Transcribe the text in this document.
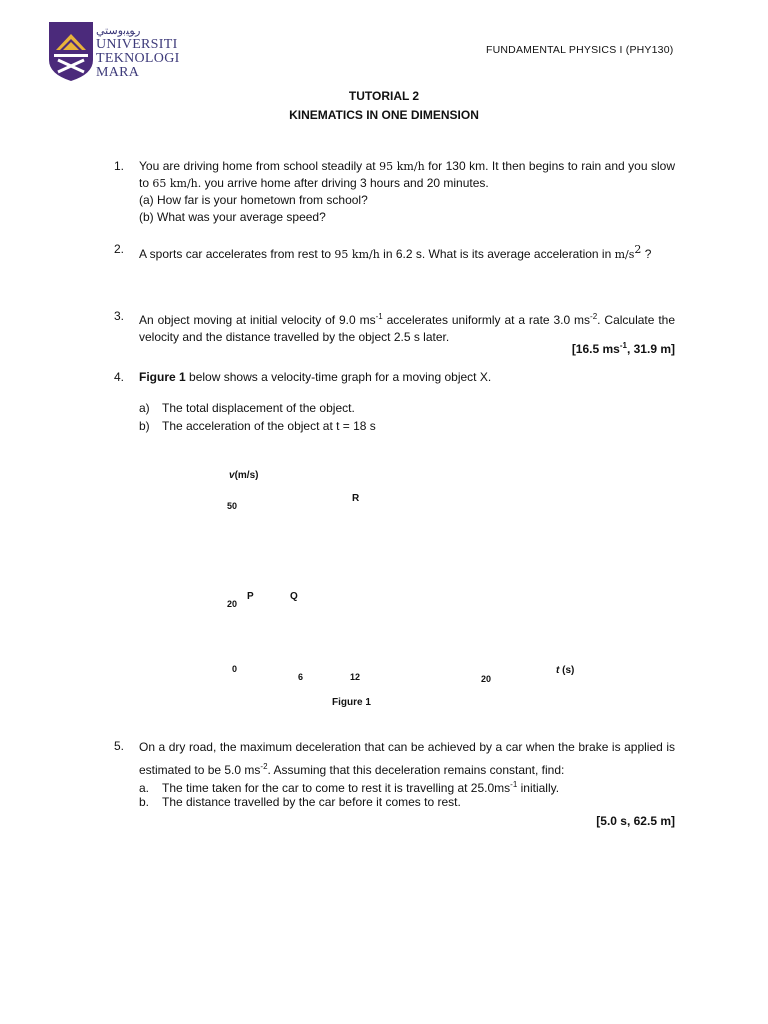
ﺭﻮﻴﺑﻭﺳﺘﻲ
UNIVERSITI
TEKNOLOGI
MARA
FUNDAMENTAL PHYSICS I (PHY130)
TUTORIAL 2
KINEMATICS IN ONE DIMENSION
1.	You are driving home from school steadily at 95 km/h for 130 km. It then begins to rain and you slow to 65 km/h. you arrive home after driving 3 hours and 20 minutes.
(a) How far is your hometown from school?
(b) What was your average speed?
2.	A sports car accelerates from rest to 95 km/h in 6.2 s. What is its average acceleration in $m/s^2$ ?
3.	An object moving at initial velocity of 9.0 $ms^{-1}$ accelerates uniformly at a rate 3.0 $ms^{-2}$. Calculate the velocity and the distance travelled by the object 2.5 s later.
[16.5 $ms^{-1}$, 31.9 m]
4.	Figure 1 below shows a velocity-time graph for a moving object X.
a) The total displacement of the object.
b) The acceleration of the object at t = 18 s
v(m/s)
50
R
20
P	Q
0
6	12	20
t (s)
Figure 1
5.	On a dry road, the maximum deceleration that can be achieved by a car when the brake is applied is estimated to be 5.0 $ms^{-2}$. Assuming that this deceleration remains constant, find:
a. The time taken for the car to come to rest it is travelling at $25.0ms^{-1}$ initially.
b. The distance travelled by the car before it comes to rest.
[5.0 s, 62.5 m]
